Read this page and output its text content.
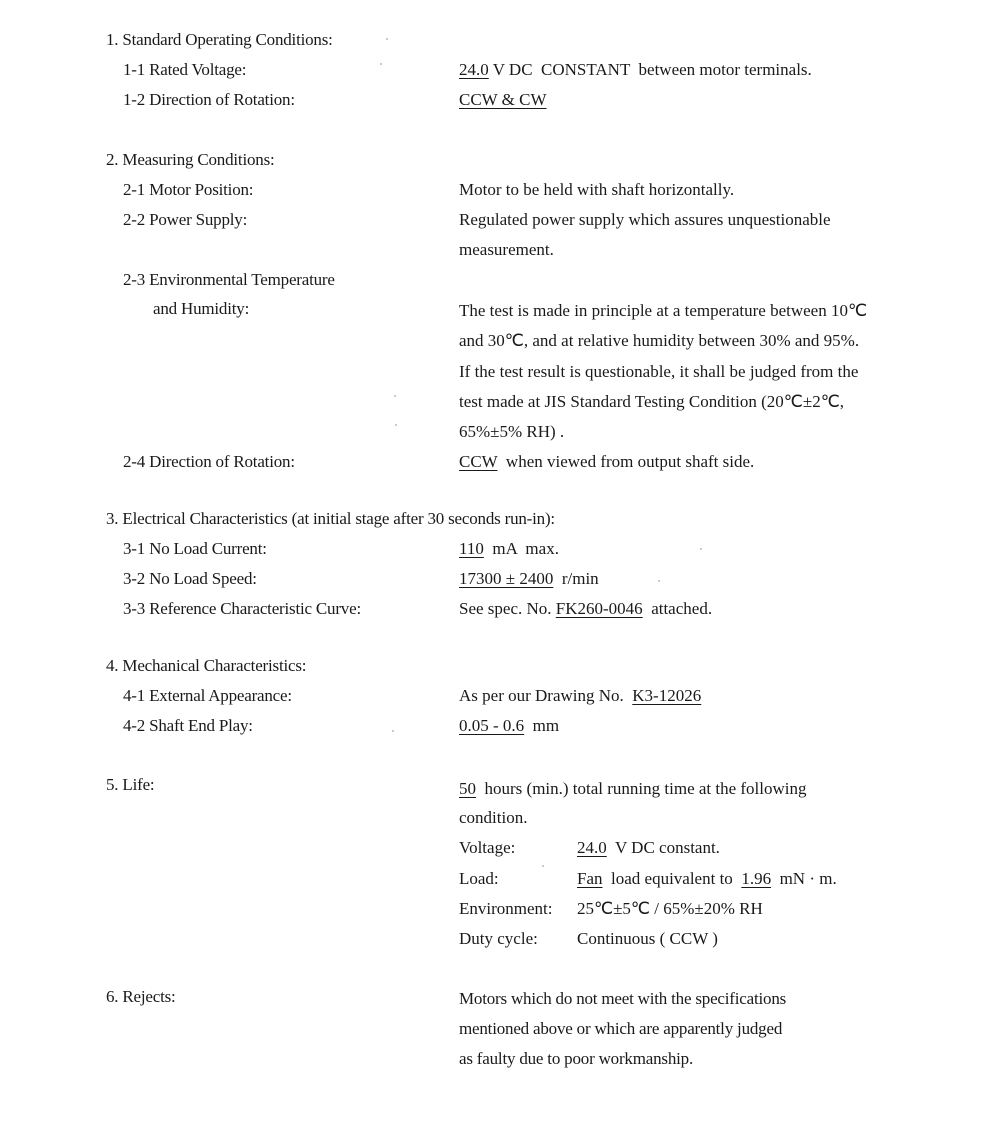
1. Standard Operating Conditions:
1-1 Rated Voltage:	24.0 V DC  CONSTANT  between motor terminals.
1-2 Direction of Rotation:	CCW & CW
2. Measuring Conditions:
2-1 Motor Position:	Motor to be held with shaft horizontally.
2-2 Power Supply:	Regulated power supply which assures unquestionable
measurement.
2-3 Environmental Temperature
and Humidity:	The test is made in principle at a temperature between 10℃
and 30℃, and at relative humidity between 30% and 95%.
If the test result is questionable, it shall be judged from the
test made at JIS Standard Testing Condition (20℃±2℃,
65%±5% RH) .
2-4 Direction of Rotation:	CCW  when viewed from output shaft side.
3. Electrical Characteristics (at initial stage after 30 seconds run-in):
3-1 No Load Current:	110  mA  max.
3-2 No Load Speed:	17300 ± 2400  r/min
3-3 Reference Characteristic Curve:	See spec. No. FK260-0046  attached.
4. Mechanical Characteristics:
4-1 External Appearance:	As per our Drawing No.  K3-12026
4-2 Shaft End Play:	0.05 - 0.6  mm
5. Life:	50  hours (min.) total running time at the following
condition.
Voltage:	24.0  V DC constant.
Load:	Fan  load equivalent to  1.96  mN · m.
Environment: 25℃±5℃ / 65%±20% RH
Duty cycle: Continuous ( CCW )
6. Rejects:	Motors which do not meet with the specifications
mentioned above or which are apparently judged
as faulty due to poor workmanship.
